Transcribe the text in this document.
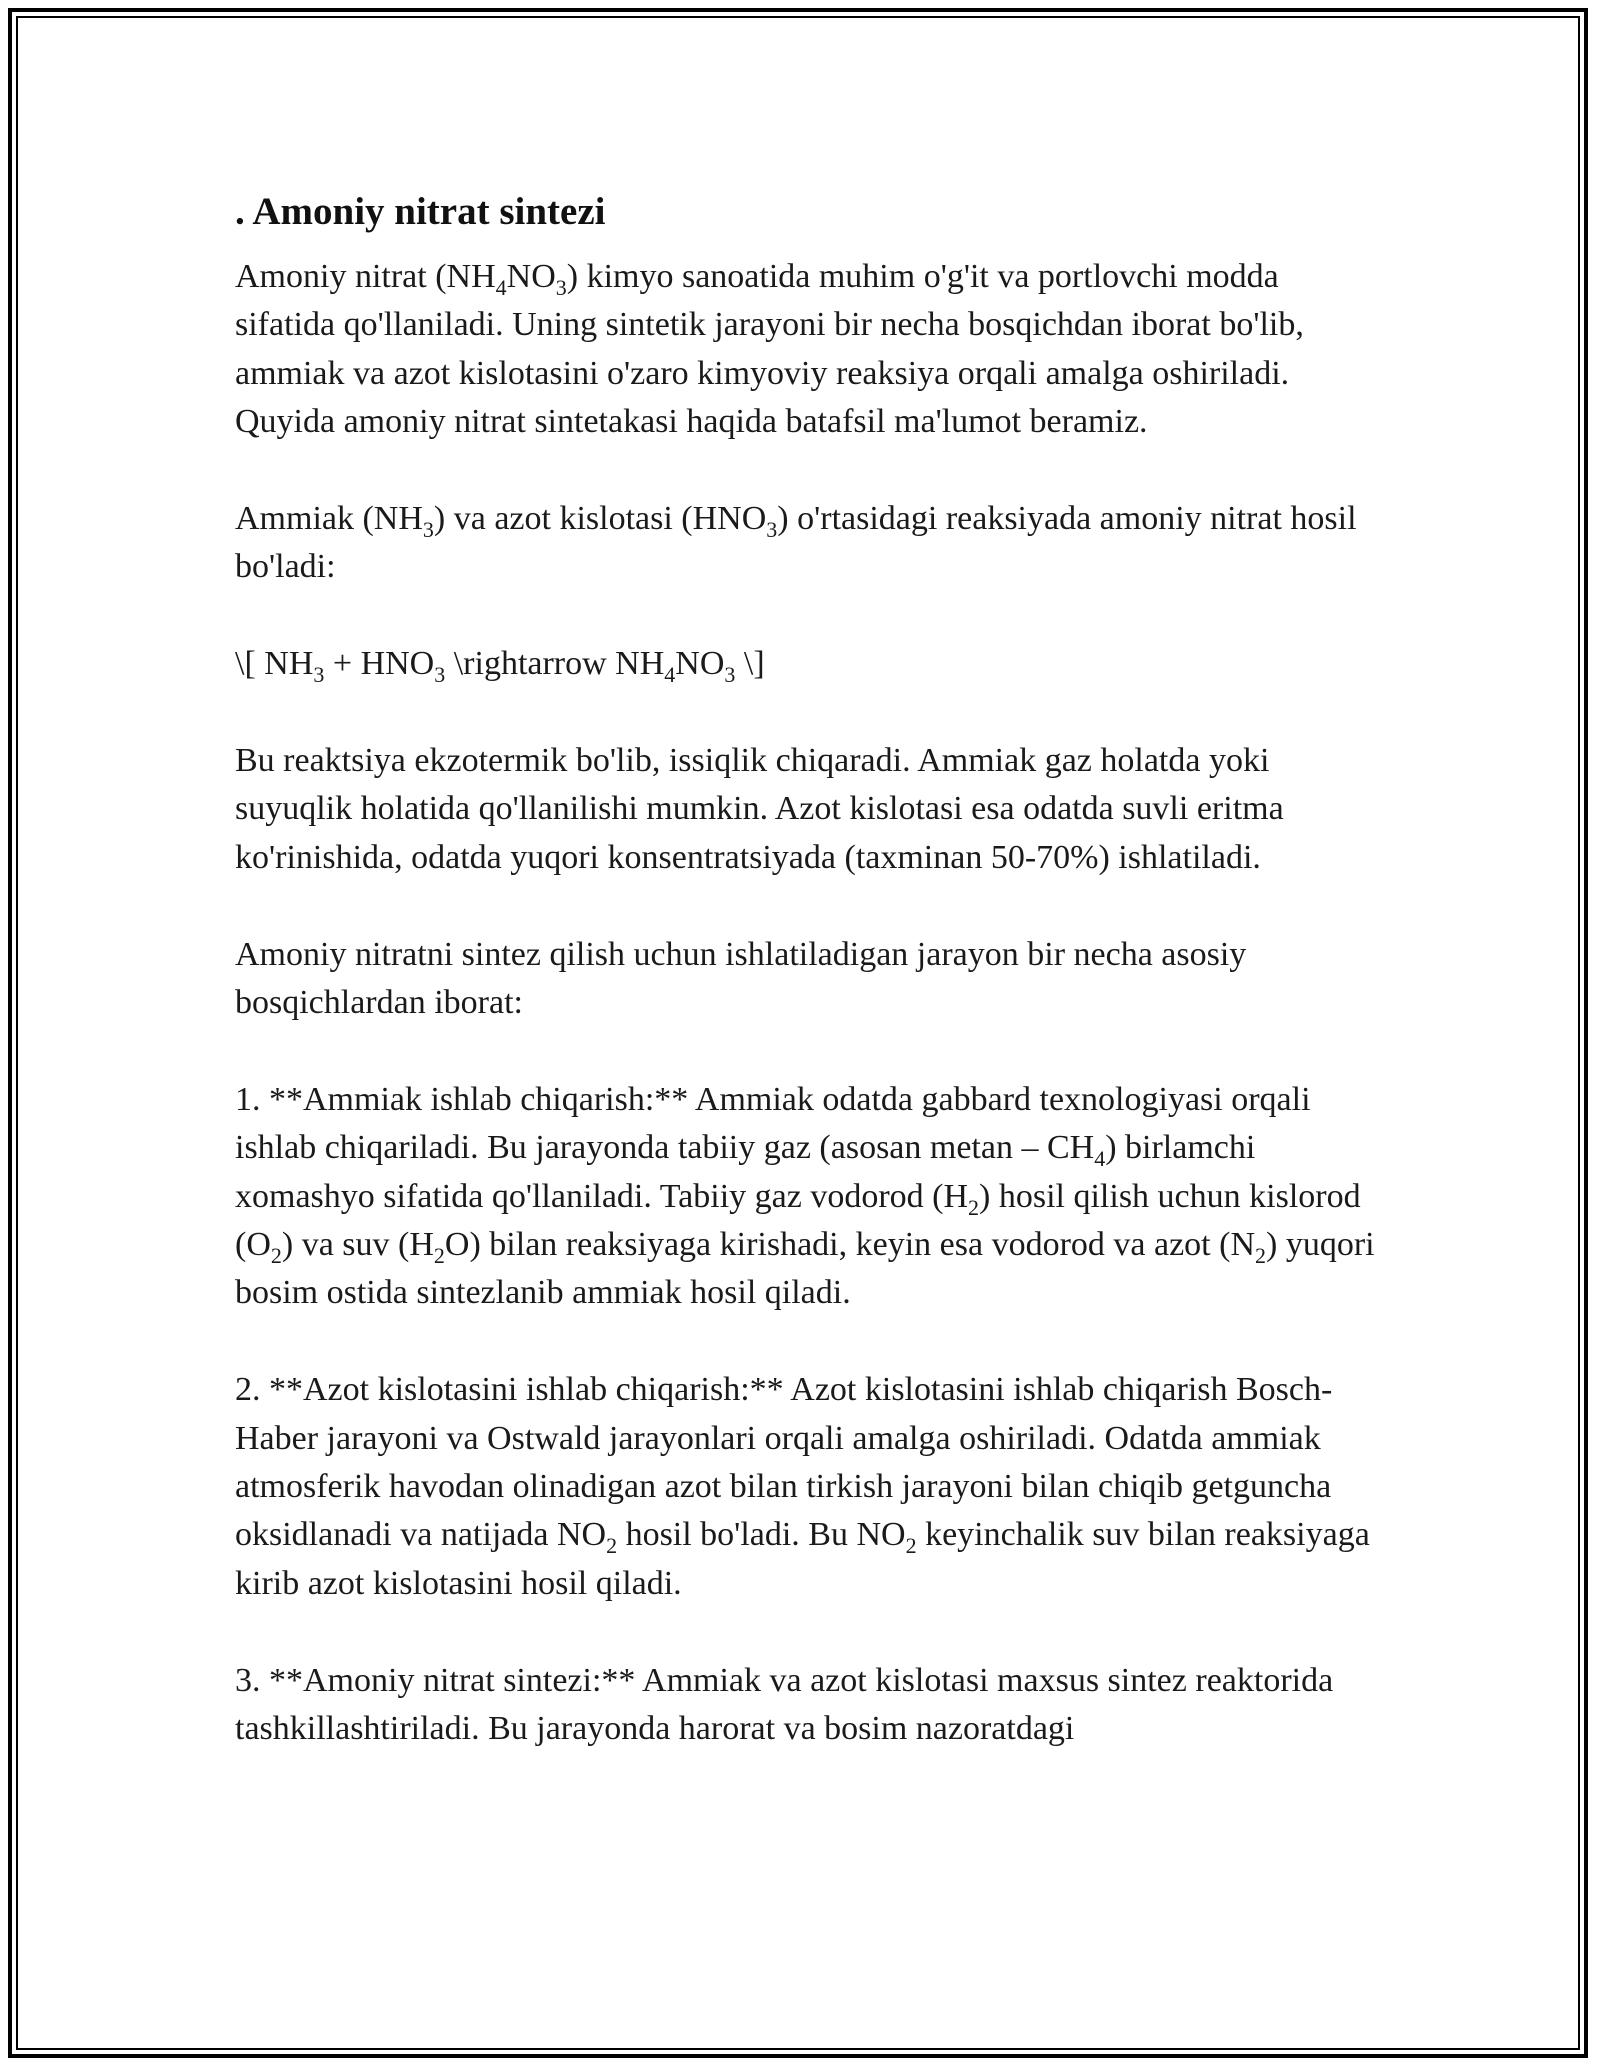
. Amoniy nitrat sintezi

Amoniy nitrat $(NH_4NO_3)$ kimyo sanoatida muhim o'g'it va portlovchi modda sifatida qo'llaniladi. Uning sintetik jarayoni bir necha bosqichdan iborat bo'lib, ammiak va azot kislotasini o'zaro kimyoviy reaksiya orqali amalga oshiriladi. Quyida amoniy nitrat sintetakasi haqida batafsil ma'lumot beramiz.

Ammiak $(NH_3)$ va azot kislotasi $(HNO_3)$ o'rtasidagi reaksiyada amoniy nitrat hosil bo'ladi:

\[ $NH_3 + HNO_3$ \rightarrow $NH_4NO_3$ \]

Bu reaktsiya ekzotermik bo'lib, issiqlik chiqaradi. Ammiak gaz holatda yoki suyuqlik holatida qo'llanilishi mumkin. Azot kislotasi esa odatda suvli eritma ko'rinishida, odatda yuqori konsentratsiyada (taxminan 50-70%) ishlatiladi.

Amoniy nitratni sintez qilish uchun ishlatiladigan jarayon bir necha asosiy bosqichlardan iborat:

1. **Ammiak ishlab chiqarish:** Ammiak odatda gabbard texnologiyasi orqali ishlab chiqariladi. Bu jarayonda tabiiy gaz (asosan metan – $CH_4$) birlamchi xomashyo sifatida qo'llaniladi. Tabiiy gaz vodorod $(H_2)$ hosil qilish uchun kislorod $(O_2)$ va suv $(H_2O)$ bilan reaksiyaga kirishadi, keyin esa vodorod va azot $(N_2)$ yuqori bosim ostida sintezlanib ammiak hosil qiladi.

2. **Azot kislotasini ishlab chiqarish:** Azot kislotasini ishlab chiqarish Bosch-Haber jarayoni va Ostwald jarayonlari orqali amalga oshiriladi. Odatda ammiak atmosferik havodan olinadigan azot bilan tirkish jarayoni bilan chiqib getguncha oksidlanadi va natijada $NO_2$ hosil bo'ladi. Bu $NO_2$ keyinchalik suv bilan reaksiyaga kirib azot kislotasini hosil qiladi.

3. **Amoniy nitrat sintezi:** Ammiak va azot kislotasi maxsus sintez reaktorida tashkillashtiriladi. Bu jarayonda harorat va bosim nazoratdagi
